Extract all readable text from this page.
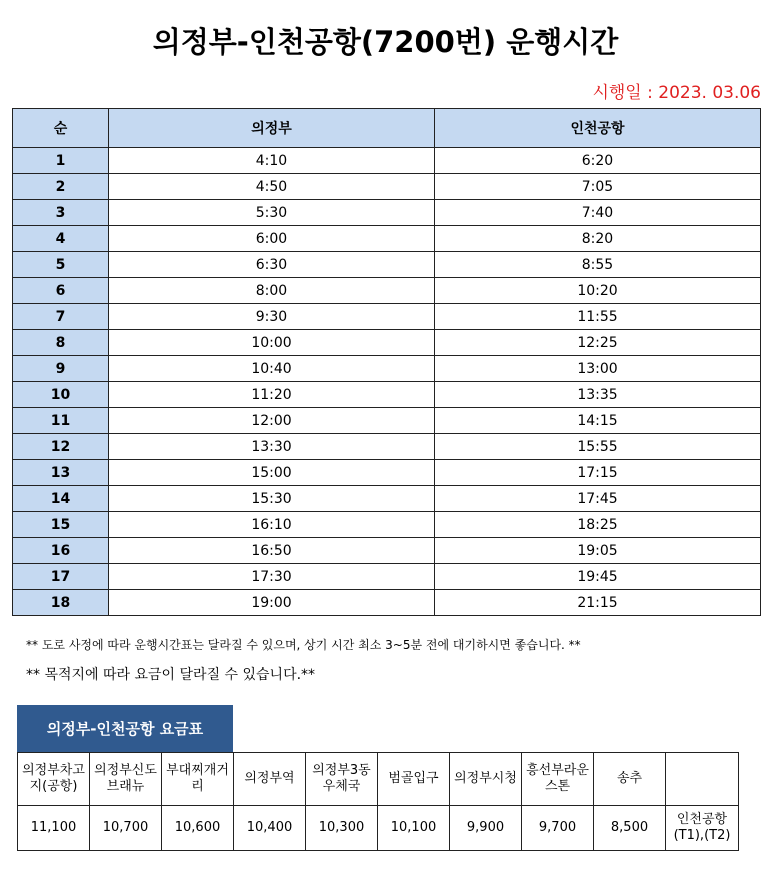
의정부-인천공항(7200번) 운행시간
시행일 : 2023. 03.06
순	의정부	인천공항
1	4:10	6:20
2	4:50	7:05
3	5:30	7:40
4	6:00	8:20
5	6:30	8:55
6	8:00	10:20
7	9:30	11:55
8	10:00	12:25
9	10:40	13:00
10	11:20	13:35
11	12:00	14:15
12	13:30	15:55
13	15:00	17:15
14	15:30	17:45
15	16:10	18:25
16	16:50	19:05
17	17:30	19:45
18	19:00	21:15
** 도로 사정에 따라 운행시간표는 달라질 수 있으며, 상기 시간 최소 3~5분 전에 대기하시면 좋습니다. **
** 목적지에 따라 요금이 달라질 수 있습니다.**
의정부-인천공항 요금표
의정부차고지(공항)	의정부신도브래뉴	부대찌개거리	의정부역	의정부3동우체국	범골입구	의정부시청	흥선부라운스톤	송추	
11,100	10,700	10,600	10,400	10,300	10,100	9,900	9,700	8,500	인천공항(T1),(T2)
